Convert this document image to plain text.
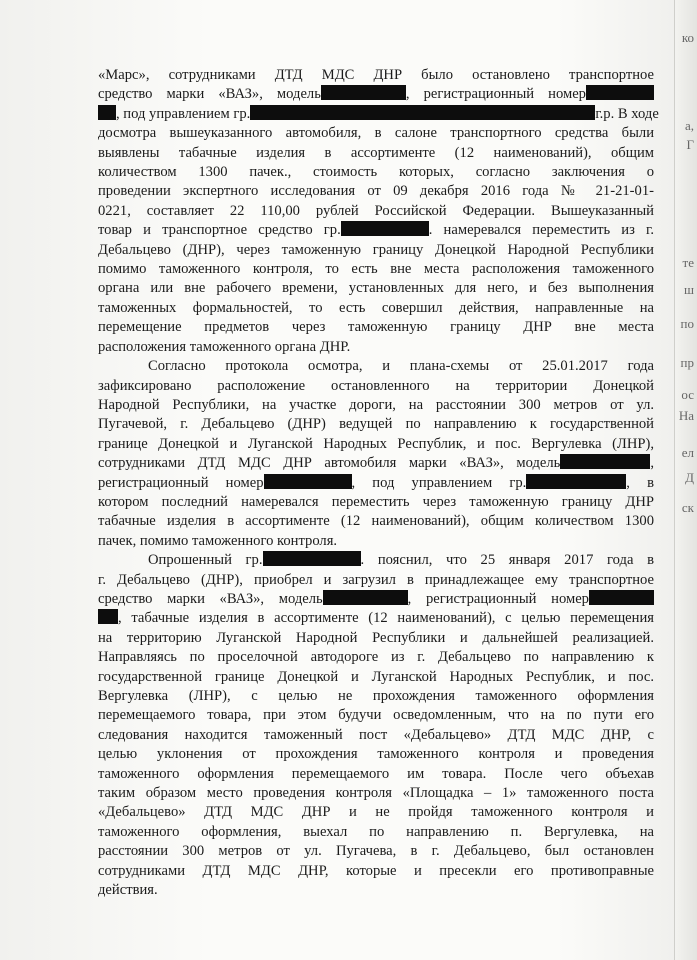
ко
а,
Г
те
ш
по
пр
ос
Ha
ел
Д
ск
«Марс», сотрудниками ДТД МДС ДНР было остановлено транспортное
средство марки «ВАЗ», модель	, регистрационный номер
, под управлением гр.	г.р. В ходе
досмотра вышеуказанного автомобиля, в салоне транспортного средства были
выявлены табачные изделия в ассортименте (12 наименований), общим
количеством 1300 пачек., стоимость которых, согласно заключения о
проведении экспертного исследования от 09 декабря 2016 года № 21-21-01-
0221, составляет 22 110,00 рублей Российской Федерации. Вышеуказанный
товар и транспортное средство гр.	. намеревался переместить из г.
Дебальцево (ДНР), через таможенную границу Донецкой Народной Республики
помимо таможенного контроля, то есть вне места расположения таможенного
органа или вне рабочего времени, установленных для него, и без выполнения
таможенных формальностей, то есть совершил действия, направленные на
перемещение предметов через таможенную границу ДНР вне места
расположения таможенного органа ДНР.
Согласно протокола осмотра, и плана-схемы от 25.01.2017 года
зафиксировано расположение остановленного на территории Донецкой
Народной Республики, на участке дороги, на расстоянии 300 метров от ул.
Пугачевой, г. Дебальцево (ДНР) ведущей по направлению к государственной
границе Донецкой и Луганской Народных Республик, и пос. Вергулевка (ЛНР),
сотрудниками ДТД МДС ДНР автомобиля марки «ВАЗ», модель	,
регистрационный номер	, под управлением гр.	, в
котором последний намеревался переместить через таможенную границу ДНР
табачные изделия в ассортименте (12 наименований), общим количеством 1300
пачек, помимо таможенного контроля.
Опрошенный гр.	. пояснил, что 25 января 2017 года в
г. Дебальцево (ДНР), приобрел и загрузил в принадлежащее ему транспортное
средство марки «ВАЗ», модель	, регистрационный номер
, табачные изделия в ассортименте (12 наименований), с целью перемещения
на территорию Луганской Народной Республики и дальнейшей реализацией.
Направляясь по проселочной автодороге из г. Дебальцево по направлению к
государственной границе Донецкой и Луганской Народных Республик, и пос.
Вергулевка (ЛНР), с целью не прохождения таможенного оформления
перемещаемого товара, при этом будучи осведомленным, что на по пути его
следования находится таможенный пост «Дебальцево» ДТД МДС ДНР, с
целью уклонения от прохождения таможенного контроля и проведения
таможенного оформления перемещаемого им товара. После чего объехав
таким образом место проведения контроля «Площадка – 1» таможенного поста
«Дебальцево» ДТД МДС ДНР и не пройдя таможенного контроля и
таможенного оформления, выехал по направлению п. Вергулевка, на
расстоянии 300 метров от ул. Пугачева, в г. Дебальцево, был остановлен
сотрудниками ДТД МДС ДНР, которые и пресекли его противоправные
действия.
